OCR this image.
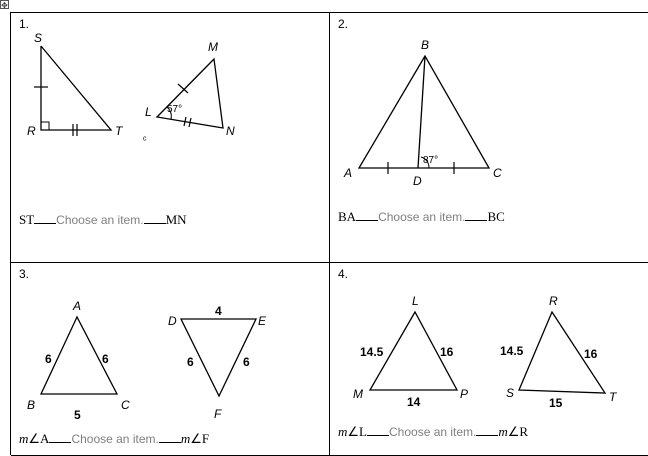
✥
1.
S
R	T
57°
M
L
N
ᶜ
ST Choose an item. MN
2.
87°
B
A
D
C
BA Choose an item. BC
3.
A
B	C
6	6
5
D	E
F
4
6	6
m∠A Choose an item. m∠F
4.
L
M	P
14.5	16
14
R
S	T
14.5	16
15
m∠L Choose an item. m∠R
